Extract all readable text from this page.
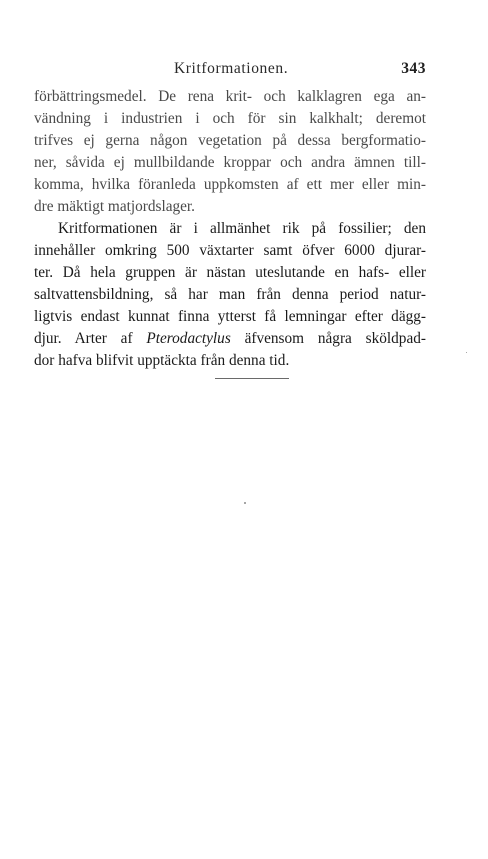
Kritformationen.	343
förbättringsmedel. De rena krit- och kalklagren ega an-
vändning i industrien i och för sin kalkhalt; deremot
trifves ej gerna någon vegetation på dessa bergformatio-
ner, såvida ej mullbildande kroppar och andra ämnen till-
komma, hvilka föranleda uppkomsten af ett mer eller min-
dre mäktigt matjordslager.
Kritformationen är i allmänhet rik på fossilier; den
innehåller omkring 500 växtarter samt öfver 6000 djurar-
ter. Då hela gruppen är nästan uteslutande en hafs- eller
saltvattensbildning, så har man från denna period natur-
ligtvis endast kunnat finna ytterst få lemningar efter dägg-
djur. Arter af Pterodactylus äfvensom några sköldpad-
dor hafva blifvit upptäckta från denna tid.
